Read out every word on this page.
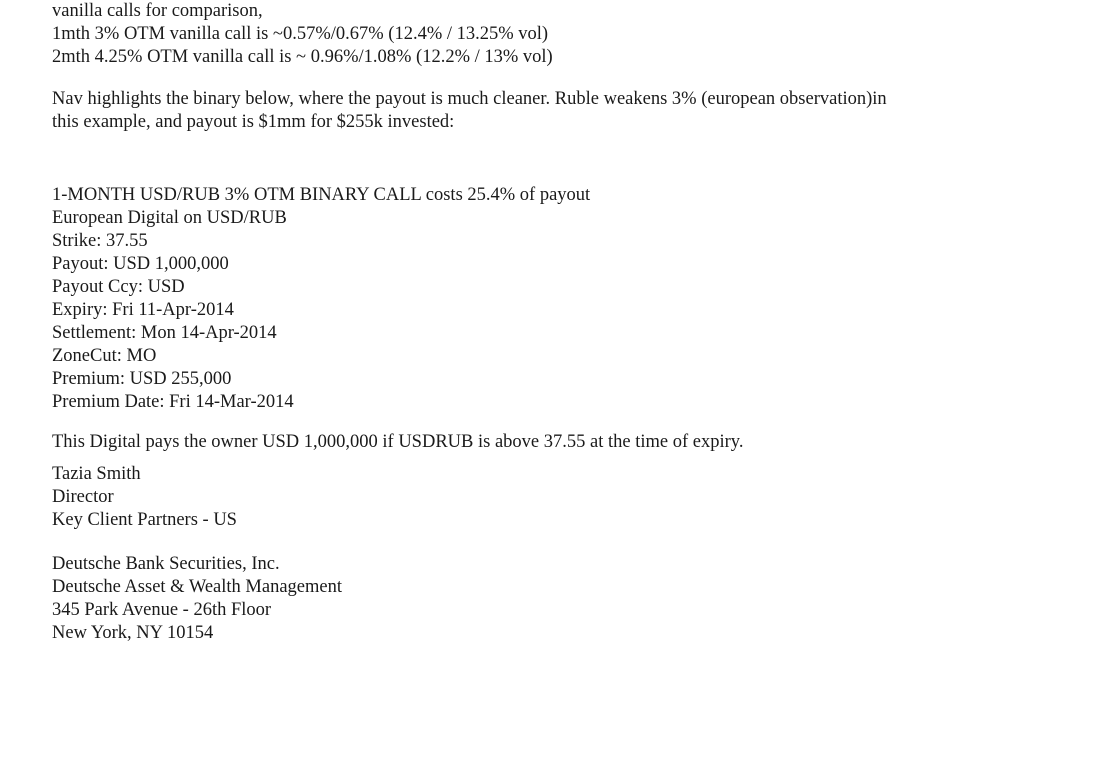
vanilla calls for comparison,
1mth 3% OTM vanilla call is ~0.57%/0.67% (12.4% / 13.25% vol)
2mth 4.25% OTM vanilla call is ~ 0.96%/1.08% (12.2% / 13% vol)
Nav highlights the binary below, where the payout is much cleaner. Ruble weakens 3% (european observation)in
this example, and payout is $1mm for $255k invested:
1-MONTH USD/RUB 3% OTM BINARY CALL costs 25.4% of payout
European Digital on USD/RUB
Strike: 37.55
Payout: USD 1,000,000
Payout Ccy: USD
Expiry: Fri 11-Apr-2014
Settlement: Mon 14-Apr-2014
ZoneCut: MO
Premium: USD 255,000
Premium Date: Fri 14-Mar-2014
This Digital pays the owner USD 1,000,000 if USDRUB is above 37.55 at the time of expiry.
Tazia Smith
Director
Key Client Partners - US
Deutsche Bank Securities, Inc.
Deutsche Asset & Wealth Management
345 Park Avenue - 26th Floor
New York, NY 10154
